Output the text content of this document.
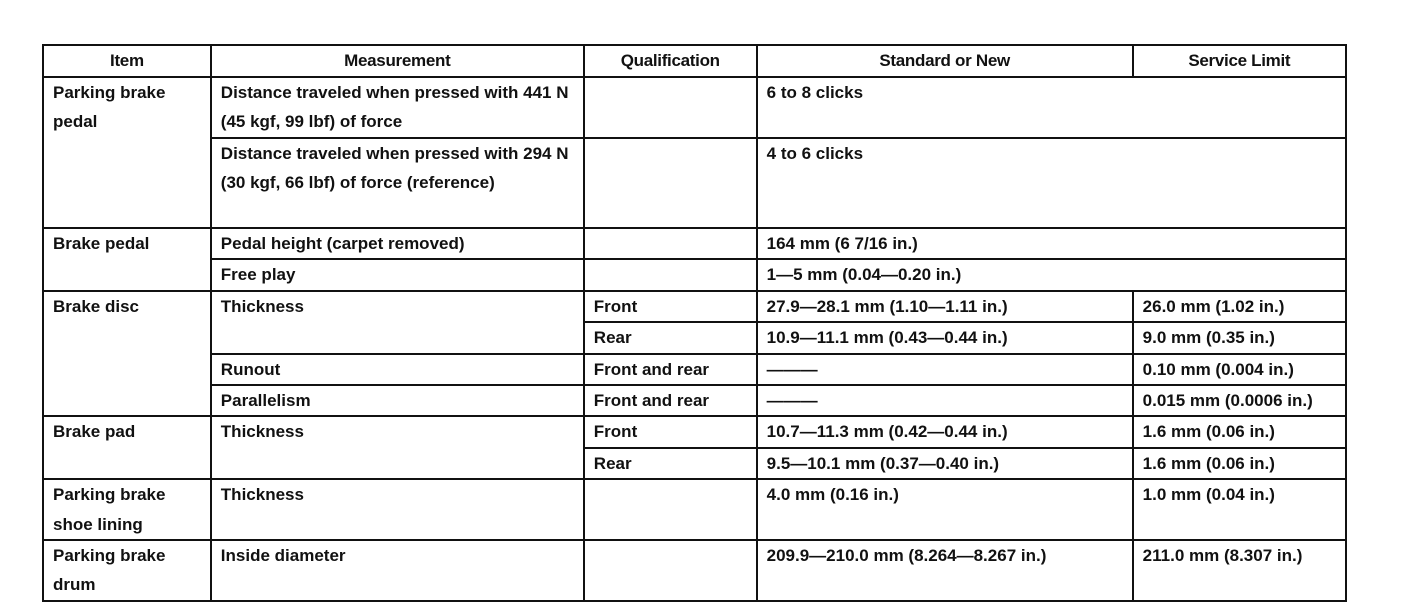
Item	Measurement	Qualification	Standard or New	Service Limit
Parking brake pedal	Distance traveled when pressed with 441 N (45 kgf, 99 lbf) of force		6 to 8 clicks	
	Distance traveled when pressed with 294 N (30 kgf, 66 lbf) of force (reference)		4 to 6 clicks	
Brake pedal	Pedal height (carpet removed)		164 mm (6 7/16 in.)	
	Free play		1—5 mm (0.04—0.20 in.)	
Brake disc	Thickness	Front	27.9—28.1 mm (1.10—1.11 in.)	26.0 mm (1.02 in.)
		Rear	10.9—11.1 mm (0.43—0.44 in.)	9.0 mm (0.35 in.)
	Runout	Front and rear	———	0.10 mm (0.004 in.)
	Parallelism	Front and rear	———	0.015 mm (0.0006 in.)
Brake pad	Thickness	Front	10.7—11.3 mm (0.42—0.44 in.)	1.6 mm (0.06 in.)
		Rear	9.5—10.1 mm (0.37—0.40 in.)	1.6 mm (0.06 in.)
Parking brake shoe lining	Thickness		4.0 mm (0.16 in.)	1.0 mm (0.04 in.)
Parking brake drum	Inside diameter		209.9—210.0 mm (8.264—8.267 in.)	211.0 mm (8.307 in.)
